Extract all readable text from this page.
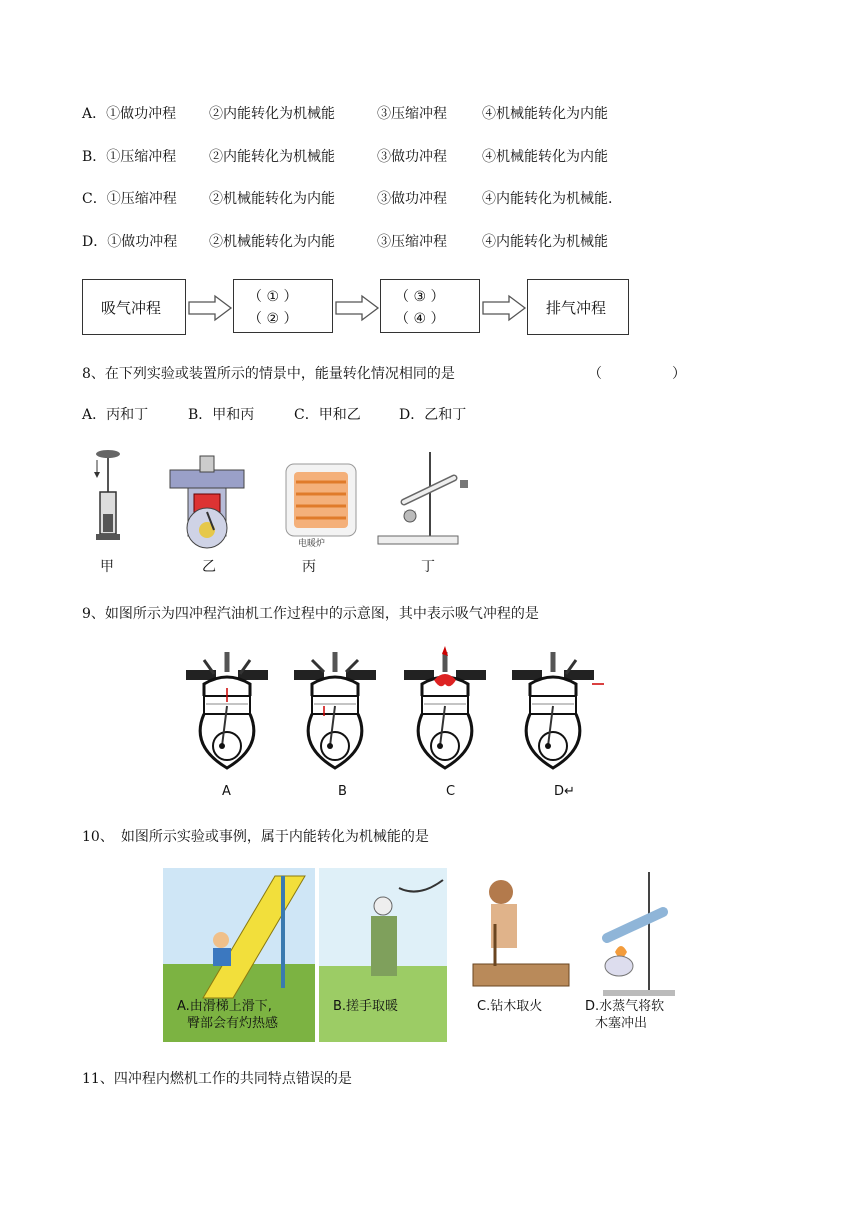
A．①做功冲程 ②内能转化为机械能	③压缩冲程	④机械能转化为内能
B．①压缩冲程 ②内能转化为机械能	③做功冲程	④机械能转化为内能
C．①压缩冲程 ②机械能转化为内能	③做功冲程	④内能转化为机械能.
D．①做功冲程 ②机械能转化为内能	③压缩冲程	④内能转化为机械能
吸气冲程
（ ① ）
（ ② ）
（ ③ ）
（ ④ ）
排气冲程
8、在下列实验或装置所示的情景中，能量转化情况相同的是	（　　　　　）
A．丙和丁	B．甲和丙	C．甲和乙	D．乙和丁
电暖炉
甲	乙	丙	丁
9、如图所示为四冲程汽油机工作过程中的示意图，其中表示吸气冲程的是
A	B	C	D↵
10、　如图所示实验或事例，属于内能转化为机械能的是
A.由滑梯上滑下,
臀部会有灼热感
B.搓手取暖	C.钻木取火	D.水蒸气将软
木塞冲出
11、四冲程内燃机工作的共同特点错误的是
